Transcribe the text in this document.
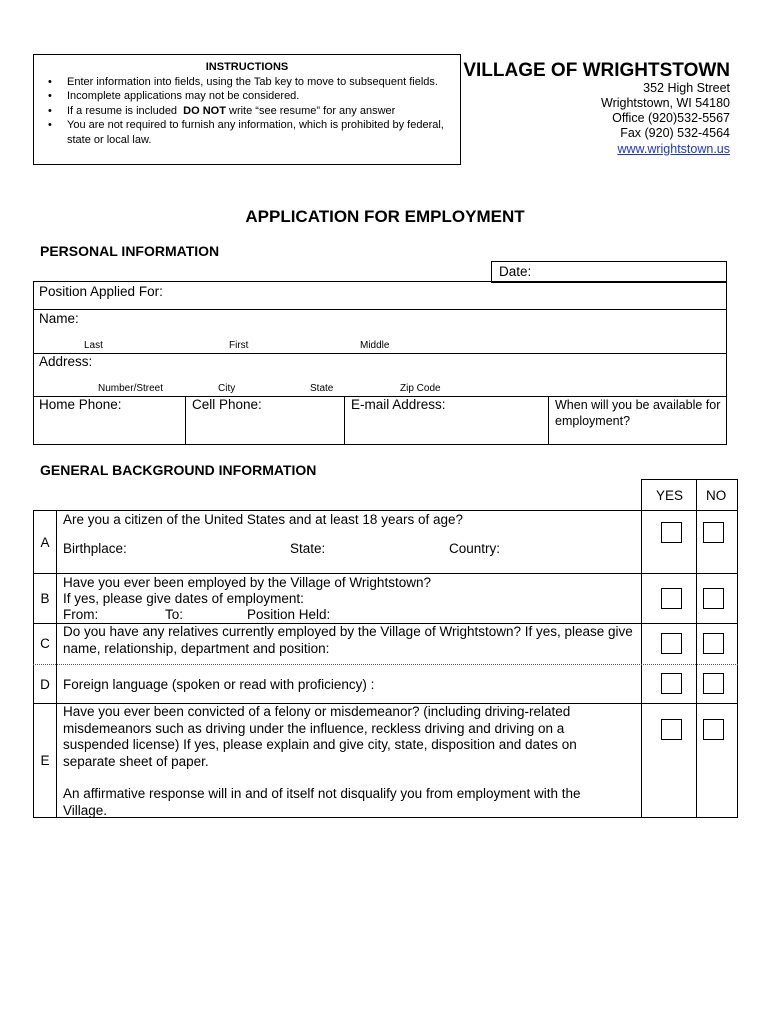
INSTRUCTIONS
• Enter information into fields, using the Tab key to move to subsequent fields.
• Incomplete applications may not be considered.
• If a resume is included  DO NOT write “see resume” for any answer
• You are not required to furnish any information, which is prohibited by federal, state or local law.
VILLAGE OF WRIGHTSTOWN
352 High Street
Wrightstown, WI 54180
Office (920)532-5567
Fax (920) 532-4564
www.wrightstown.us
APPLICATION FOR EMPLOYMENT
PERSONAL INFORMATION
Date:
Position Applied For:
Name:
Last	First	Middle
Address:
Number/Street	City	State	Zip Code
Home Phone:	Cell Phone:	E-mail Address:	When will you be available for employment?
GENERAL BACKGROUND INFORMATION
YES NO
A
Are you a citizen of the United States and at least 18 years of age?
Birthplace:	State:	Country:
B
Have you ever been employed by the Village of Wrightstown?
If yes, please give dates of employment:
From:	To:	Position Held:
C
Do you have any relatives currently employed by the Village of Wrightstown? If yes, please give name, relationship, department and position:
D Foreign language (spoken or read with proficiency) :
E
Have you ever been convicted of a felony or misdemeanor? (including driving-related misdemeanors such as driving under the influence, reckless driving and driving on a suspended license) If yes, please explain and give city, state, disposition and dates on separate sheet of paper.
An affirmative response will in and of itself not disqualify you from employment with the Village.
